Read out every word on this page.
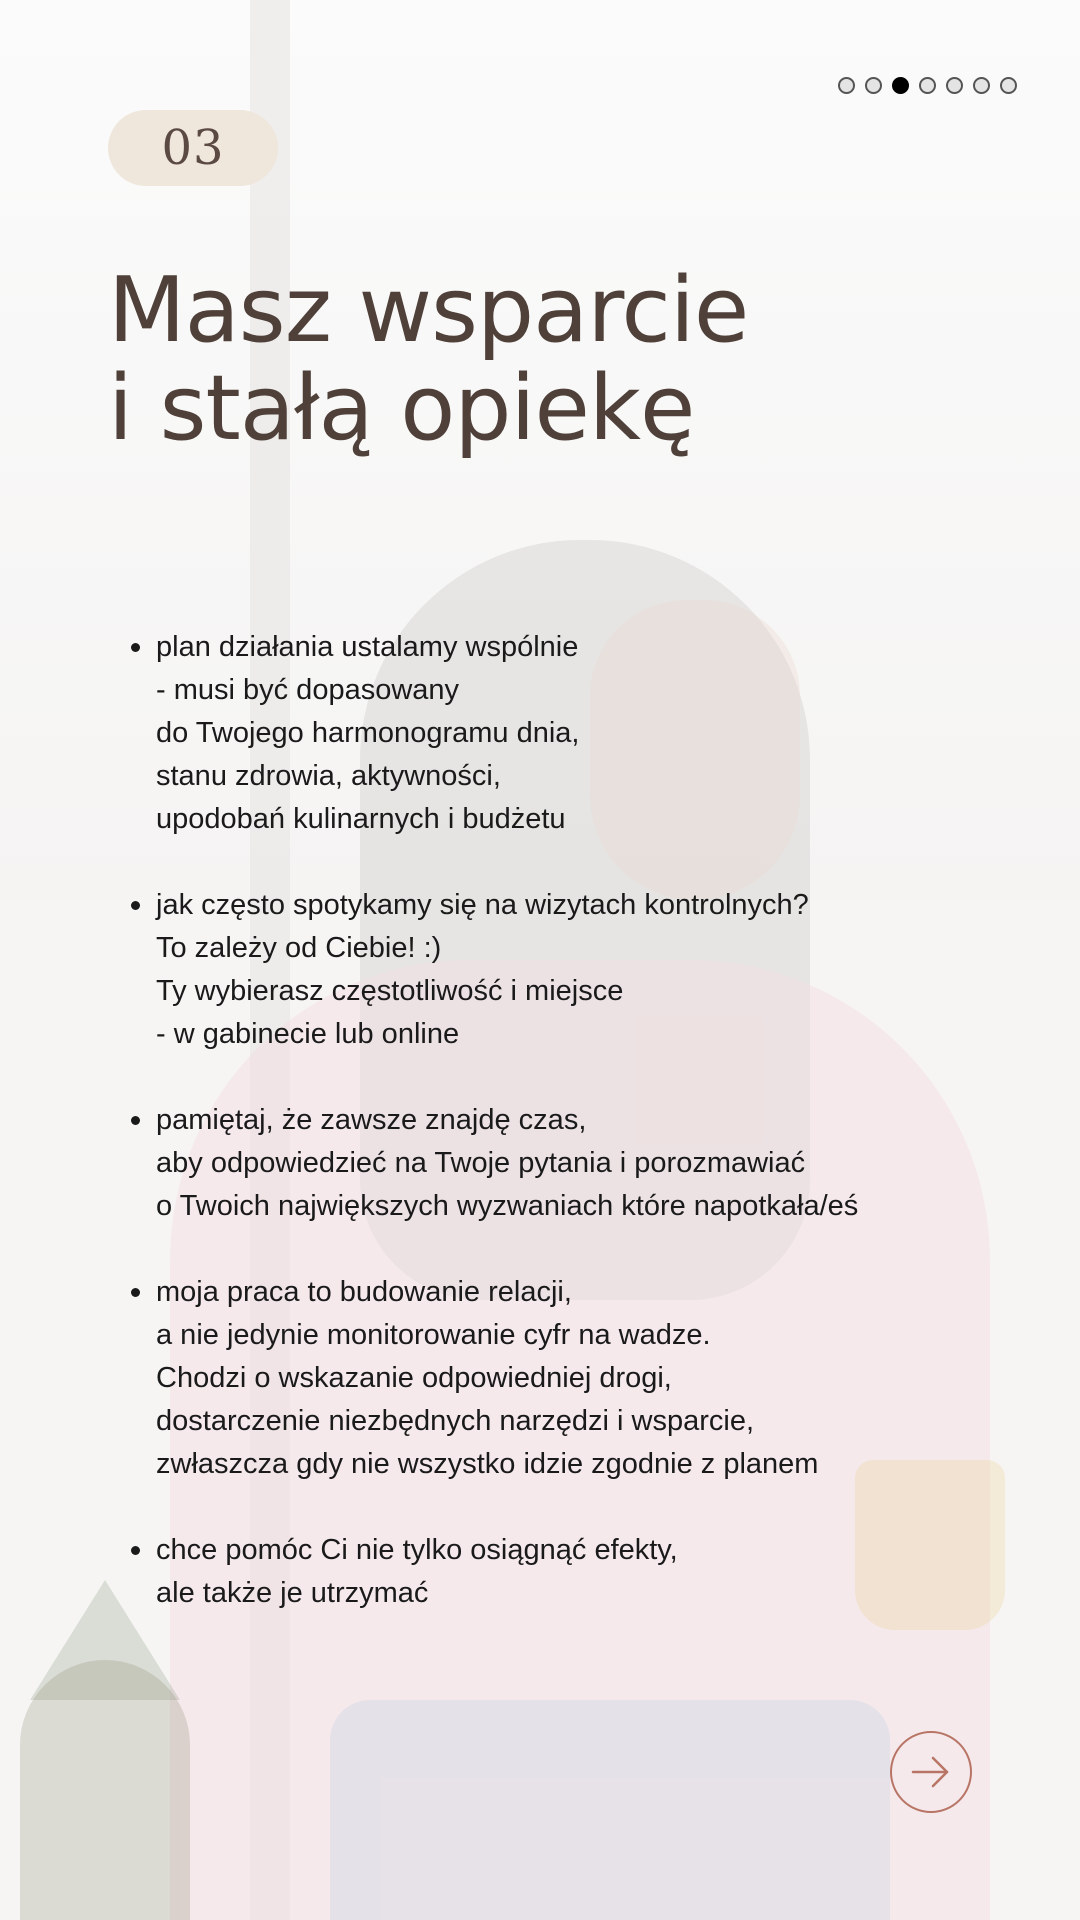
03
Masz wsparcie
i stałą opiekę
plan działania ustalamy wspólnie
- musi być dopasowany
do Twojego harmonogramu dnia,
stanu zdrowia, aktywności,
upodobań kulinarnych i budżetu
jak często spotykamy się na wizytach kontrolnych?
To zależy od Ciebie! :)
Ty wybierasz częstotliwość i miejsce
- w gabinecie lub online
pamiętaj, że zawsze znajdę czas,
aby odpowiedzieć na Twoje pytania i porozmawiać
o Twoich największych wyzwaniach które napotkała/eś
moja praca to budowanie relacji,
a nie jedynie monitorowanie cyfr na wadze.
Chodzi o wskazanie odpowiedniej drogi,
dostarczenie niezbędnych narzędzi i wsparcie,
zwłaszcza gdy nie wszystko idzie zgodnie z planem
chce pomóc Ci nie tylko osiągnąć efekty,
ale także je utrzymać
